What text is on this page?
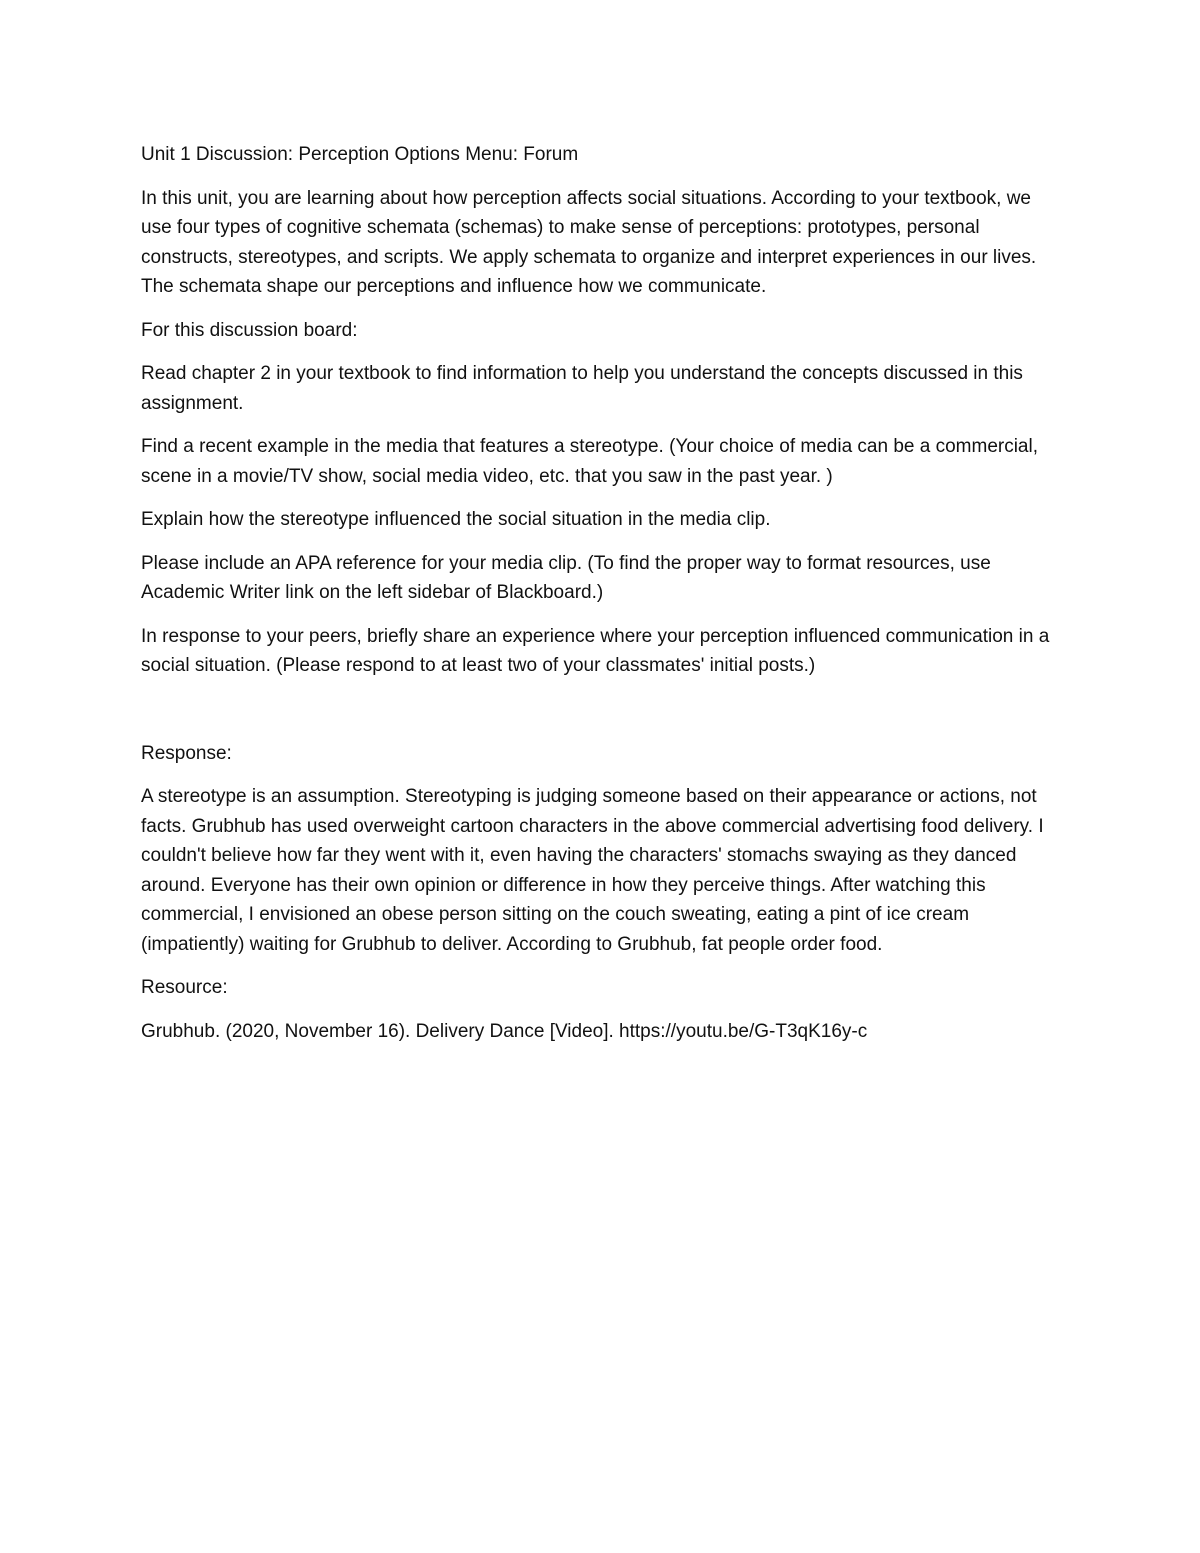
Unit 1 Discussion: Perception Options Menu: Forum

In this unit, you are learning about how perception affects social situations. According to your textbook, we use four types of cognitive schemata (schemas) to make sense of perceptions: prototypes, personal constructs, stereotypes, and scripts. We apply schemata to organize and interpret experiences in our lives. The schemata shape our perceptions and influence how we communicate.

For this discussion board:

Read chapter 2 in your textbook to find information to help you understand the concepts discussed in this assignment.

Find a recent example in the media that features a stereotype. (Your choice of media can be a commercial, scene in a movie/TV show, social media video, etc. that you saw in the past year. )

Explain how the stereotype influenced the social situation in the media clip.

Please include an APA reference for your media clip. (To find the proper way to format resources, use Academic Writer link on the left sidebar of Blackboard.)

In response to your peers, briefly share an experience where your perception influenced communication in a social situation. (Please respond to at least two of your classmates' initial posts.)

Response:

A stereotype is an assumption. Stereotyping is judging someone based on their appearance or actions, not facts. Grubhub has used overweight cartoon characters in the above commercial advertising food delivery. I couldn't believe how far they went with it, even having the characters' stomachs swaying as they danced around. Everyone has their own opinion or difference in how they perceive things. After watching this commercial, I envisioned an obese person sitting on the couch sweating, eating a pint of ice cream (impatiently) waiting for Grubhub to deliver. According to Grubhub, fat people order food.

Resource:

Grubhub. (2020, November 16). Delivery Dance [Video]. https://youtu.be/G-T3qK16y-c
